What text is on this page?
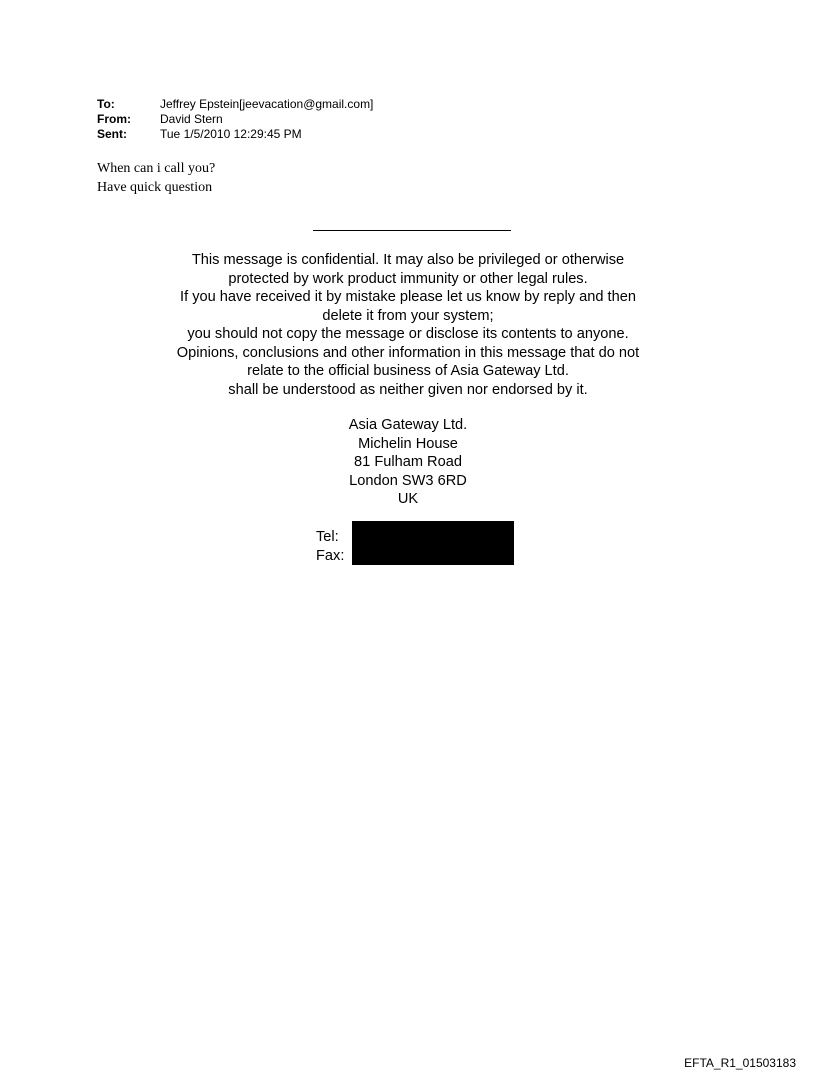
To:	Jeffrey Epstein[jeevacation@gmail.com]
From:	David Stern
Sent:	Tue 1/5/2010 12:29:45 PM
When can i call you?
Have quick question
This message is confidential. It may also be privileged or otherwise
protected by work product immunity or other legal rules.
If you have received it by mistake please let us know by reply and then
delete it from your system;
you should not copy the message or disclose its contents to anyone.
Opinions, conclusions and other information in this message that do not
relate to the official business of Asia Gateway Ltd.
shall be understood as neither given nor endorsed by it.
Asia Gateway Ltd.
Michelin House
81 Fulham Road
London SW3 6RD
UK
Tel:
Fax:
EFTA_R1_01503183
